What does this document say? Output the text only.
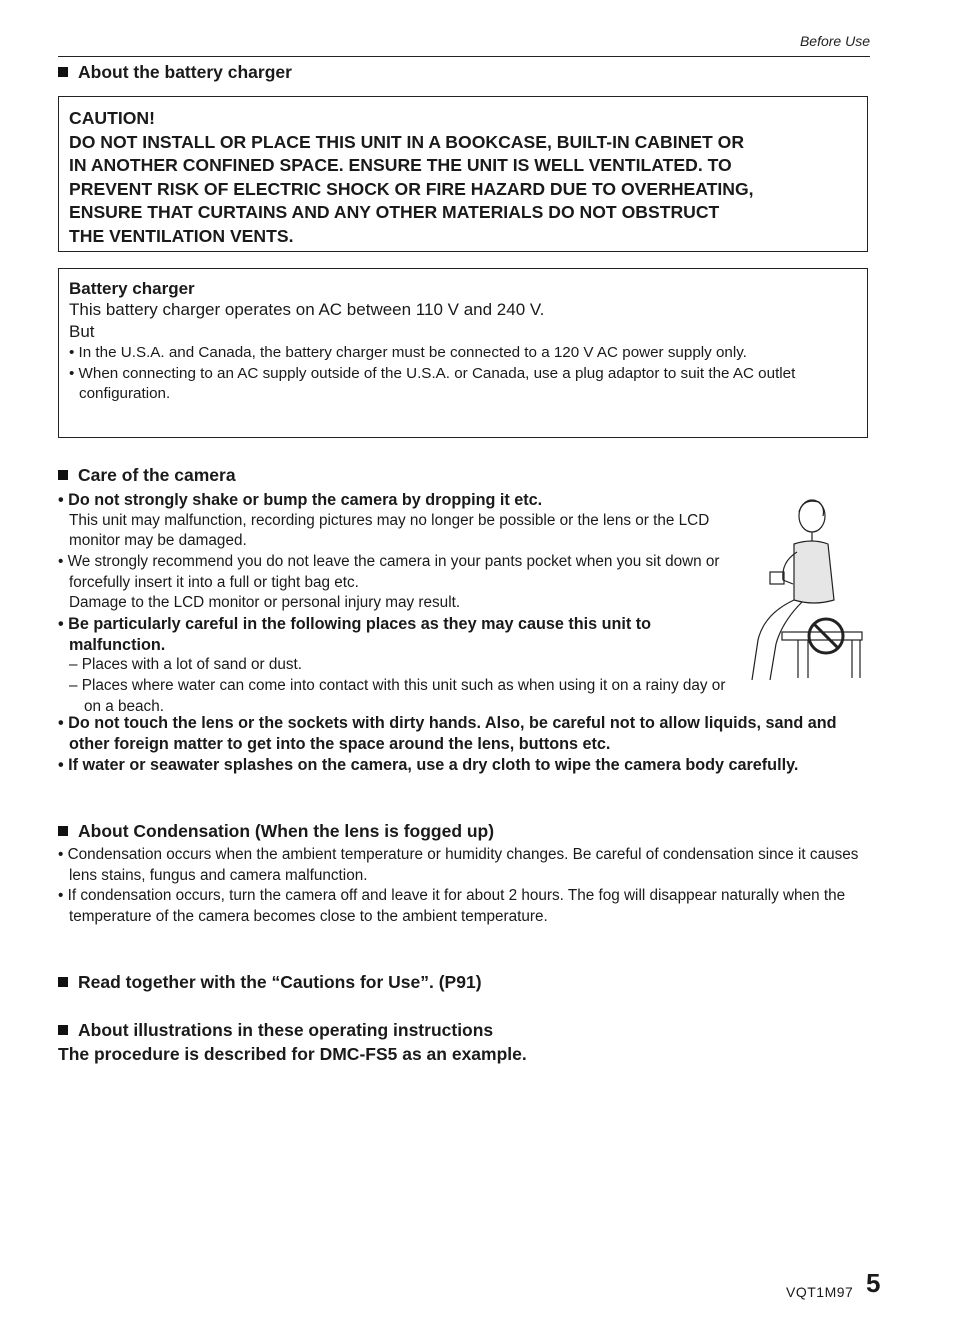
Before Use
About the battery charger

CAUTION!

DO NOT INSTALL OR PLACE THIS UNIT IN A BOOKCASE, BUILT-IN CABINET OR

IN ANOTHER CONFINED SPACE. ENSURE THE UNIT IS WELL VENTILATED. TO

PREVENT RISK OF ELECTRIC SHOCK OR FIRE HAZARD DUE TO OVERHEATING,

ENSURE THAT CURTAINS AND ANY OTHER MATERIALS DO NOT OBSTRUCT

THE VENTILATION VENTS.

Battery charger
This battery charger operates on AC between 110 V and 240 V.
But
• In the U.S.A. and Canada, the battery charger must be connected to a 120 V AC power supply only.
• When connecting to an AC supply outside of the U.S.A. or Canada, use a plug adaptor to suit the AC outlet configuration.
Care of the camera
• Do not strongly shake or bump the camera by dropping it etc.
This unit may malfunction, recording pictures may no longer be possible or the lens or the LCD monitor may be damaged.
• We strongly recommend you do not leave the camera in your pants pocket when you sit down or forcefully insert it into a full or tight bag etc.
Damage to the LCD monitor or personal injury may result.
• Be particularly careful in the following places as they may cause this unit to malfunction.
– Places with a lot of sand or dust.
– Places where water can come into contact with this unit such as when using it on a rainy day or on a beach.
• Do not touch the lens or the sockets with dirty hands. Also, be careful not to allow liquids, sand and other foreign matter to get into the space around the lens, buttons etc.
• If water or seawater splashes on the camera, use a dry cloth to wipe the camera body carefully.
About Condensation (When the lens is fogged up)
• Condensation occurs when the ambient temperature or humidity changes. Be careful of condensation since it causes lens stains, fungus and camera malfunction.
• If condensation occurs, turn the camera off and leave it for about 2 hours. The fog will disappear naturally when the temperature of the camera becomes close to the ambient temperature.
Read together with the “Cautions for Use”. (P91)
About illustrations in these operating instructions
The procedure is described for DMC-FS5 as an example.
VQT1M97 5
